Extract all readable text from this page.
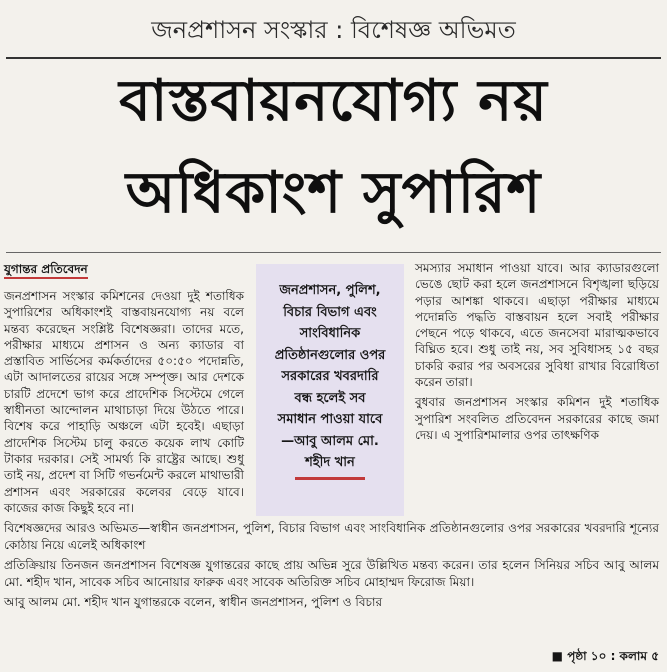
জনপ্রশাসন সংস্কার : বিশেষজ্ঞ অভিমত
বাস্তবায়নযোগ্য নয়
অধিকাংশ সুপারিশ
যুগান্তর প্রতিবেদন

জনপ্রশাসন সংস্কার কমিশনের দেওয়া দুই শতাধিক সুপারিশের অধিকাংশই বাস্তবায়নযোগ্য নয় বলে মন্তব্য করেছেন সংশ্লিষ্ট বিশেষজ্ঞরা। তাদের মতে, পরীক্ষার মাধ্যমে প্রশাসন ও অন্য ক্যাডার বা প্রস্তাবিত সার্ভিসের কর্মকর্তাদের ৫০:৫০ পদোন্নতি, এটা আদালতের রায়ের সঙ্গে সম্পৃক্ত। আর দেশকে চারটি প্রদেশে ভাগ করে প্রাদেশিক সিস্টেমে গেলে স্বাধীনতা আন্দোলন মাথাচাড়া দিয়ে উঠতে পারে। বিশেষ করে পাহাড়ি অঞ্চলে এটা হবেই। এছাড়া প্রাদেশিক সিস্টেম চালু করতে কয়েক লাখ কোটি টাকার দরকার। সেই সামর্থ্য কি রাষ্ট্রের আছে। শুধু তাই নয়, প্রদেশ বা সিটি গভর্নমেন্ট করলে মাথাভারী প্রশাসন এবং সরকারের কলেবর বেড়ে যাবে। কাজের কাজ কিছুই হবে না।

জনপ্রশাসন, পুলিশ,
বিচার বিভাগ এবং
সাংবিধানিক
প্রতিষ্ঠানগুলোর ওপর
সরকারের খবরদারি
বন্ধ হলেই সব
সমাধান পাওয়া যাবে
—আবু আলম মো.
শহীদ খান

সমস্যার সমাধান পাওয়া যাবে। আর ক্যাডারগুলো ভেঙে ছোট করা হলে জনপ্রশাসনে বিশৃঙ্খলা ছড়িয়ে পড়ার আশঙ্কা থাকবে। এছাড়া পরীক্ষার মাধ্যমে পদোন্নতি পদ্ধতি বাস্তবায়ন হলে সবাই পরীক্ষার পেছনে পড়ে থাকবে, এতে জনসেবা মারাত্মকভাবে বিঘ্নিত হবে। শুধু তাই নয়, সব সুবিধাসহ ১৫ বছর চাকরি করার পর অবসরের সুবিধা রাখার বিরোধিতা করেন তারা।

বুধবার জনপ্রশাসন সংস্কার কমিশন দুই শতাধিক সুপারিশ সংবলিত প্রতিবেদন সরকারের কাছে জমা দেয়। এ সুপারিশমালার ওপর তাৎক্ষণিক

বিশেষজ্ঞদের আরও অভিমত—স্বাধীন জনপ্রশাসন, পুলিশ, বিচার বিভাগ এবং সাংবিধানিক প্রতিষ্ঠানগুলোর ওপর সরকারের খবরদারি শূন্যের কোঠায় নিয়ে এলেই অধিকাংশ

প্রতিক্রিয়ায় তিনজন জনপ্রশাসন বিশেষজ্ঞ যুগান্তরের কাছে প্রায় অভিন্ন সুরে উল্লিখিত মন্তব্য করেন। তার হলেন সিনিয়র সচিব আবু আলম মো. শহীদ খান, সাবেক সচিব আনোয়ার ফারুক এবং সাবেক অতিরিক্ত সচিব মোহাম্মদ ফিরোজ মিয়া।

আবু আলম মো. শহীদ খান যুগান্তরকে বলেন, স্বাধীন জনপ্রশাসন, পুলিশ ও বিচার

■ পৃষ্ঠা ১০ : কলাম ৫
